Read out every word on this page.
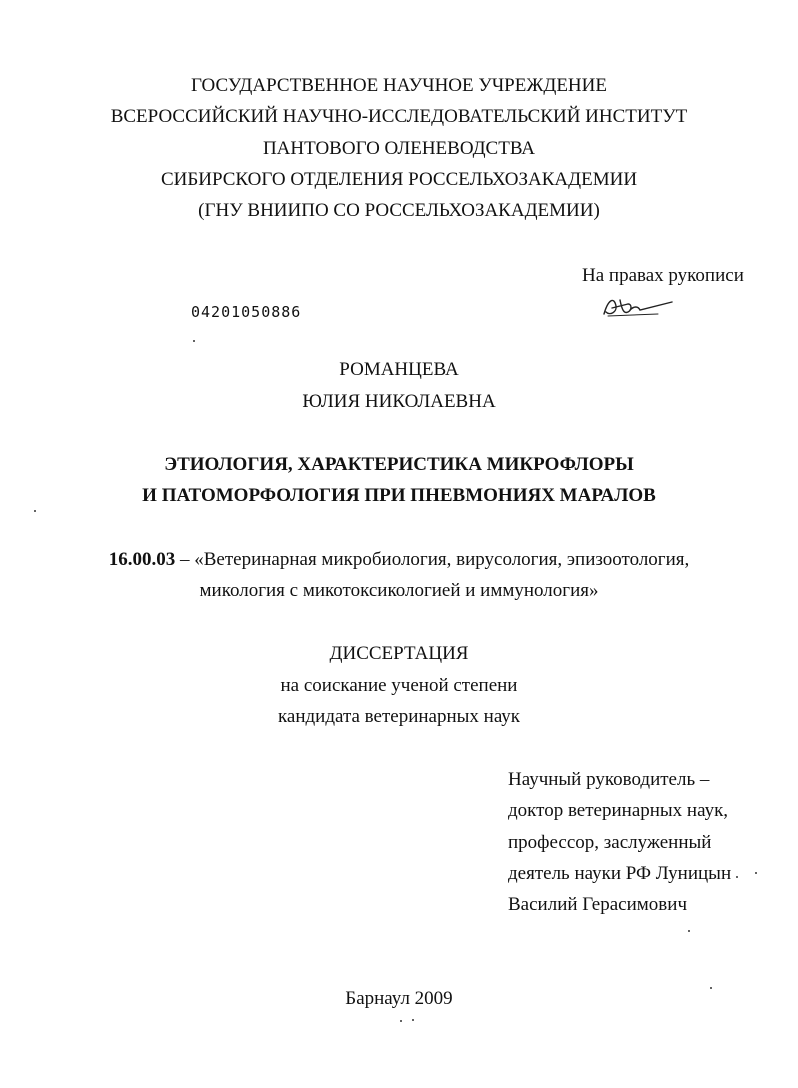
ГОСУДАРСТВЕННОЕ НАУЧНОЕ УЧРЕЖДЕНИЕ
ВСЕРОССИЙСКИЙ НАУЧНО-ИССЛЕДОВАТЕЛЬСКИЙ ИНСТИТУТ
ПАНТОВОГО ОЛЕНЕВОДСТВА
СИБИРСКОГО ОТДЕЛЕНИЯ РОССЕЛЬХОЗАКАДЕМИИ
(ГНУ ВНИИПО СО РОССЕЛЬХОЗАКАДЕМИИ)
На правах рукописи
04201050886
РОМАНЦЕВА
ЮЛИЯ НИКОЛАЕВНА
ЭТИОЛОГИЯ, ХАРАКТЕРИСТИКА МИКРОФЛОРЫ
И ПАТОМОРФОЛОГИЯ ПРИ ПНЕВМОНИЯХ МАРАЛОВ
16.00.03 – «Ветеринарная микробиология, вирусология, эпизоотология,
микология с микотоксикологией и иммунология»
ДИССЕРТАЦИЯ
на соискание ученой степени
кандидата ветеринарных наук
Научный руководитель –
доктор ветеринарных наук,
профессор, заслуженный
деятель науки РФ Луницын
Василий Герасимович
Барнаул 2009
